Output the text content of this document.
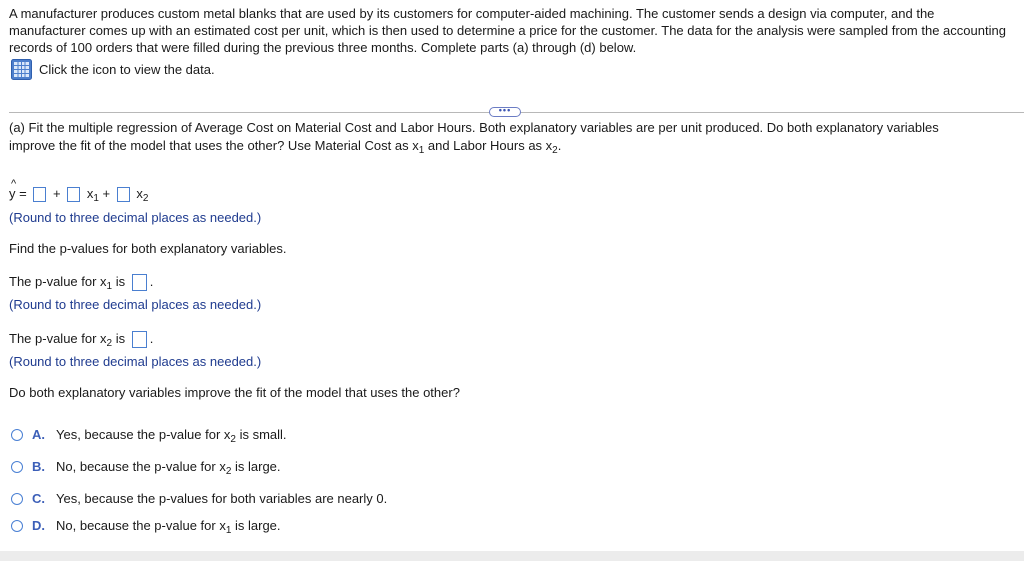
A manufacturer produces custom metal blanks that are used by its customers for computer-aided machining. The customer sends a design via computer, and the manufacturer comes up with an estimated cost per unit, which is then used to determine a price for the customer. The data for the analysis were sampled from the accounting records of 100 orders that were filled during the previous three months. Complete parts (a) through (d) below.
Click the icon to view the data.
•••
(a) Fit the multiple regression of Average Cost on Material Cost and Labor Hours. Both explanatory variables are per unit produced. Do both explanatory variables
improve the fit of the model that uses the other? Use Material Cost as $x_1$ and Labor Hours as $x_2$.
^
y = + $x_1 + x_2$
(Round to three decimal places as needed.)
Find the p-values for both explanatory variables.
The p-value for $x_1$ is .
(Round to three decimal places as needed.)
The p-value for $x_2$ is .
(Round to three decimal places as needed.)
Do both explanatory variables improve the fit of the model that uses the other?
A. Yes, because the p-value for $x_2$ is small.
B. No, because the p-value for $x_2$ is large.
C. Yes, because the p-values for both variables are nearly 0.
D. No, because the p-value for $x_1$ is large.
